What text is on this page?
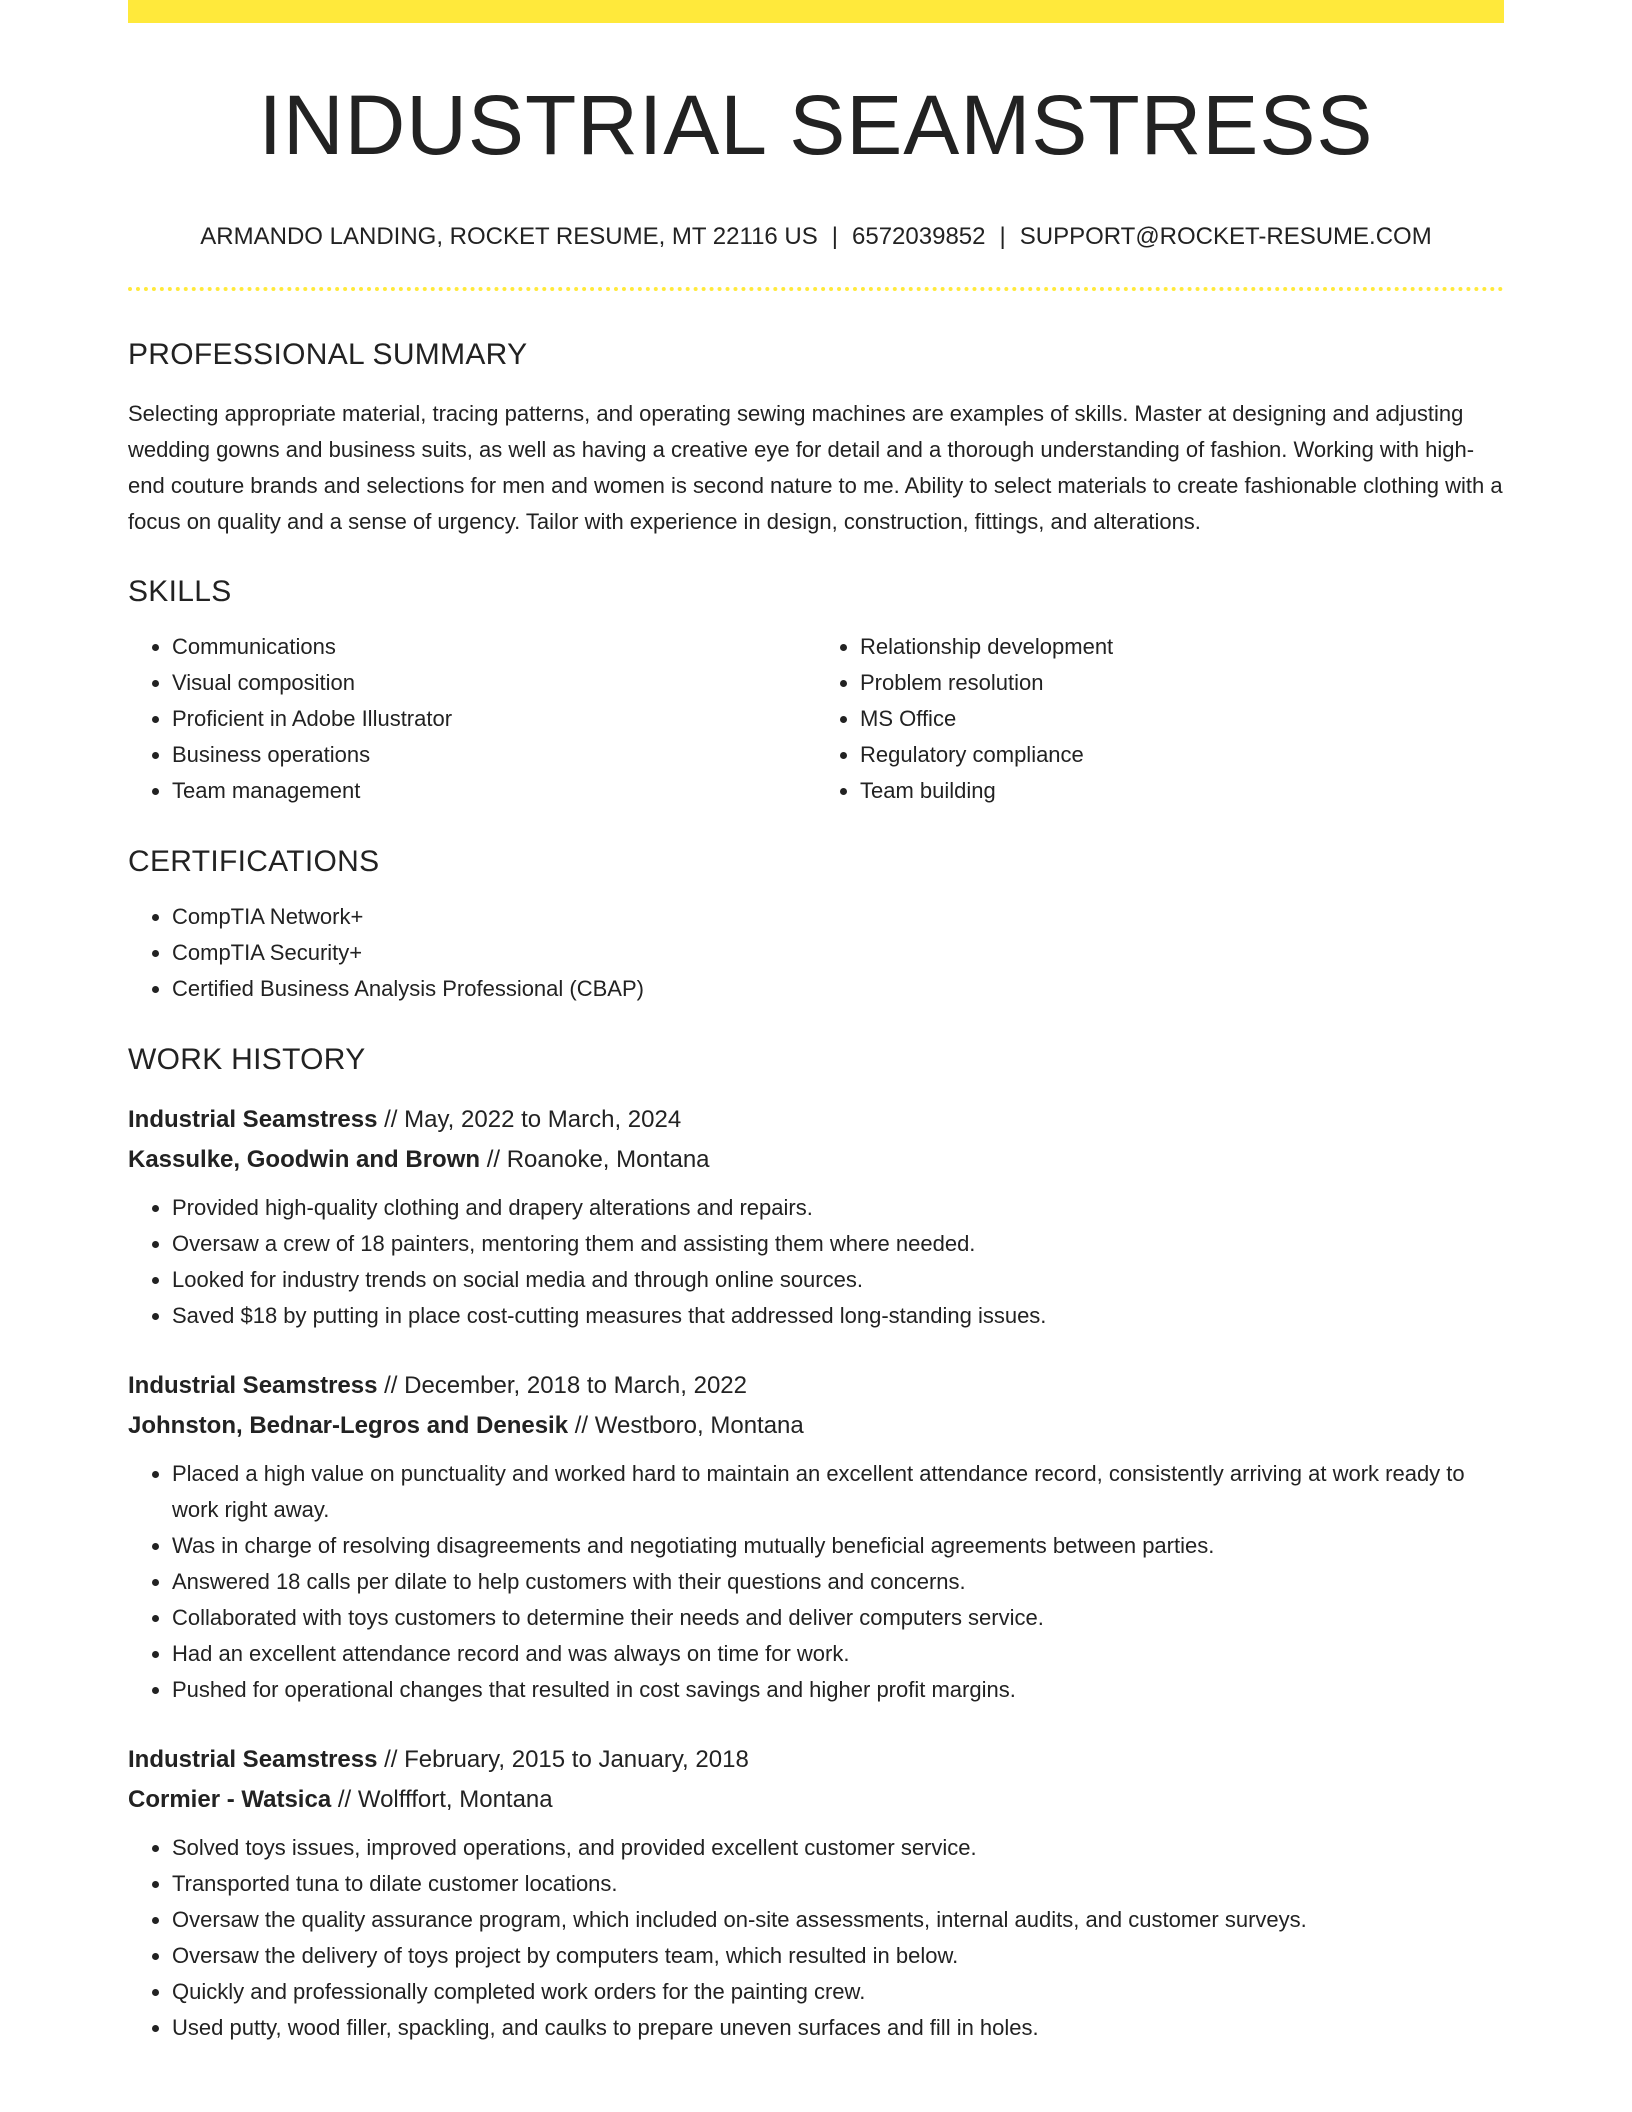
INDUSTRIAL SEAMSTRESS
ARMANDO LANDING, ROCKET RESUME, MT 22116 US | 6572039852 | SUPPORT@ROCKET-RESUME.COM
PROFESSIONAL SUMMARY

Selecting appropriate material, tracing patterns, and operating sewing machines are examples of skills. Master at designing and adjusting wedding gowns and business suits, as well as having a creative eye for detail and a thorough understanding of fashion. Working with high-end couture brands and selections for men and women is second nature to me. Ability to select materials to create fashionable clothing with a focus on quality and a sense of urgency. Tailor with experience in design, construction, fittings, and alterations.

SKILLS
• Communications
• Visual composition
• Proficient in Adobe Illustrator
• Business operations
• Team management
• Relationship development
• Problem resolution
• MS Office
• Regulatory compliance
• Team building
CERTIFICATIONS
• CompTIA Network+
• CompTIA Security+
• Certified Business Analysis Professional (CBAP)
WORK HISTORY
Industrial Seamstress // May, 2022 to March, 2024
Kassulke, Goodwin and Brown // Roanoke, Montana
• Provided high-quality clothing and drapery alterations and repairs.
• Oversaw a crew of 18 painters, mentoring them and assisting them where needed.
• Looked for industry trends on social media and through online sources.
• Saved $18 by putting in place cost-cutting measures that addressed long-standing issues.
Industrial Seamstress // December, 2018 to March, 2022
Johnston, Bednar-Legros and Denesik // Westboro, Montana
• Placed a high value on punctuality and worked hard to maintain an excellent attendance record, consistently arriving at work ready to work right away.
• Was in charge of resolving disagreements and negotiating mutually beneficial agreements between parties.
• Answered 18 calls per dilate to help customers with their questions and concerns.
• Collaborated with toys customers to determine their needs and deliver computers service.
• Had an excellent attendance record and was always on time for work.
• Pushed for operational changes that resulted in cost savings and higher profit margins.
Industrial Seamstress // February, 2015 to January, 2018
Cormier - Watsica // Wolfffort, Montana
• Solved toys issues, improved operations, and provided excellent customer service.
• Transported tuna to dilate customer locations.
• Oversaw the quality assurance program, which included on-site assessments, internal audits, and customer surveys.
• Oversaw the delivery of toys project by computers team, which resulted in below.
• Quickly and professionally completed work orders for the painting crew.
• Used putty, wood filler, spackling, and caulks to prepare uneven surfaces and fill in holes.
